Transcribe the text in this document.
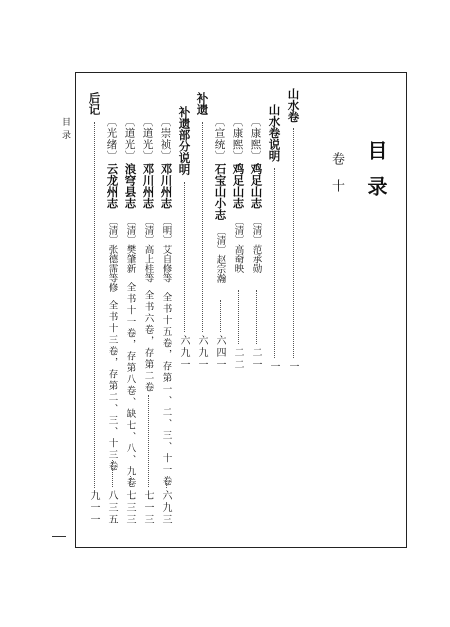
目录
目录
卷十
山水卷
一
山水卷说明
一
〔康熙〕
鸡足山志
〔清〕范承勋
二一
〔康熙〕
鸡足山志
〔清〕高奣映
二二
〔宣统〕
石宝山小志
〔清〕赵宗瀚
六四一
补遗
六九一
补遗部分说明
六九一
〔崇祯〕
邓川州志
〔明〕艾自修等
全书十五卷，存第一、二、三、十一卷
六九三
〔道光〕
邓川州志
〔清〕高上桂等
全书六卷，存第二卷
七一三
〔道光〕
浪穹县志
〔清〕樊肇新
全书十一卷，存第八卷、缺七、八、九卷
七三三
〔光绪〕
云龙州志
〔清〕张德霈等修
全书十三卷，存第二、三、十三卷
八三五
后记
九一一
